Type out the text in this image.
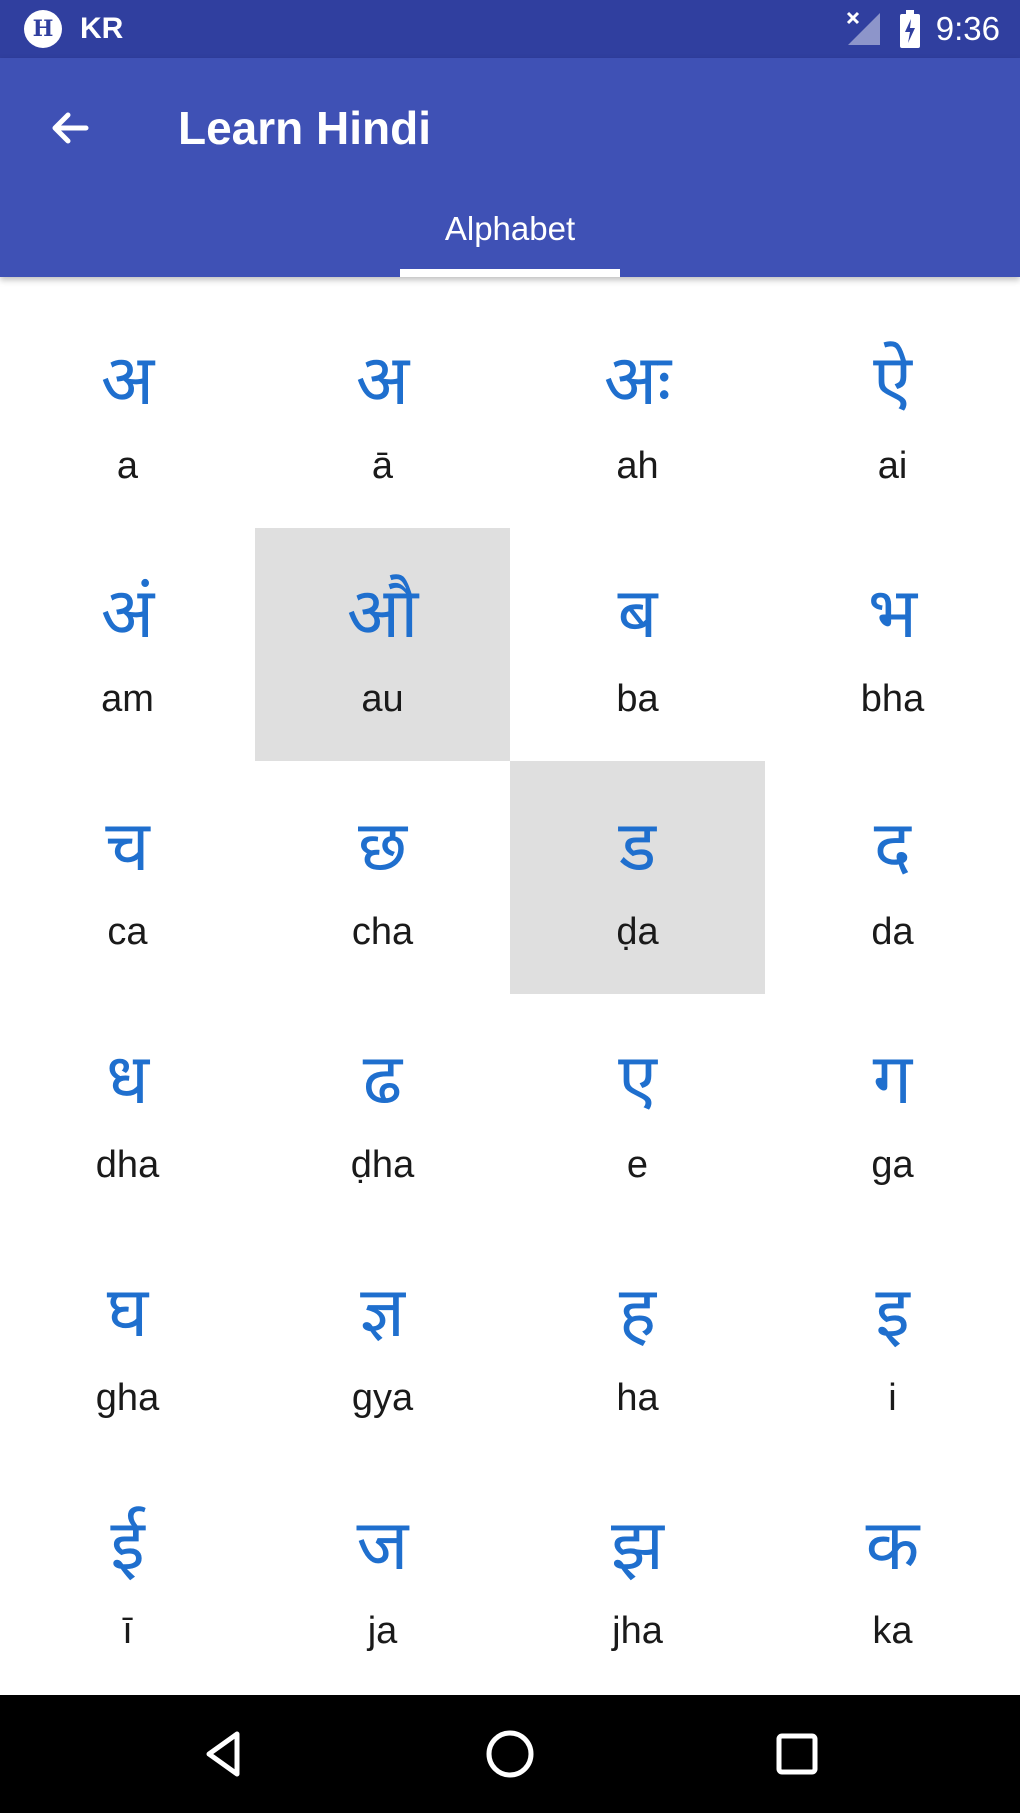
H KR	9:36
Learn Hindi
Alphabet
अ
a
अ
ā
अः
ah
ऐ
ai
अं
am
औ
au
ब
ba
भ
bha
च
ca
छ
cha
ड
ḍa
द
da
ध
dha
ढ
ḍha
ए
e
ग
ga
घ
gha
ज्ञ
gya
ह
ha
इ
i
ई
ī
ज
ja
झ
jha
क
ka
